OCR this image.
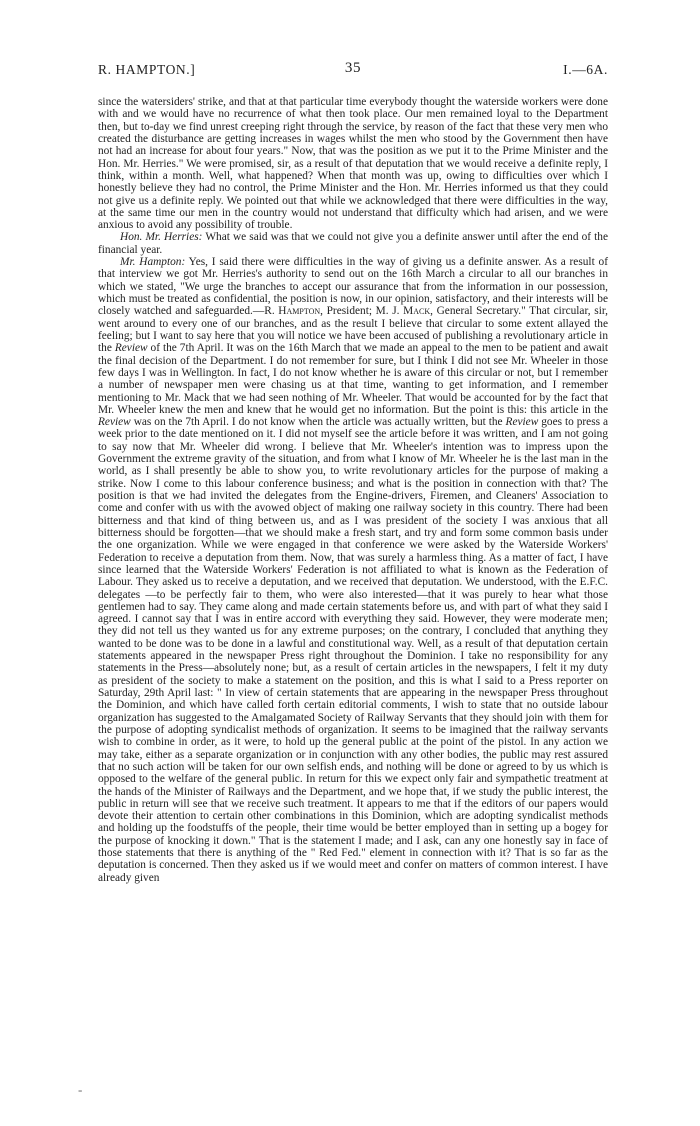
R. HAMPTON.]	35	I.—6A.

since the watersiders' strike, and that at that particular time everybody thought the waterside workers were done with and we would have no recurrence of what then took place. Our men remained loyal to the Department then, but to-day we find unrest creeping right through the service, by reason of the fact that these very men who created the disturbance are getting increases in wages whilst the men who stood by the Government then have not had an increase for about four years." Now, that was the position as we put it to the Prime Minister and the Hon. Mr. Herries." We were promised, sir, as a result of that deputation that we would receive a definite reply, I think, within a month. Well, what happened? When that month was up, owing to difficulties over which I honestly believe they had no control, the Prime Minister and the Hon. Mr. Herries informed us that they could not give us a definite reply. We pointed out that while we acknowledged that there were difficulties in the way, at the same time our men in the country would not understand that difficulty which had arisen, and we were anxious to avoid any possibility of trouble.

Hon. Mr. Herries: What we said was that we could not give you a definite answer until after the end of the financial year.

Mr. Hampton: Yes, I said there were difficulties in the way of giving us a definite answer. As a result of that interview we got Mr. Herries's authority to send out on the 16th March a circular to all our branches in which we stated, "We urge the branches to accept our assurance that from the information in our possession, which must be treated as confidential, the position is now, in our opinion, satisfactory, and their interests will be closely watched and safeguarded.—R. Hampton, President; M. J. Mack, General Secretary." That circular, sir, went around to every one of our branches, and as the result I believe that circular to some extent allayed the feeling; but I want to say here that you will notice we have been accused of publishing a revolutionary article in the Review of the 7th April. It was on the 16th March that we made an appeal to the men to be patient and await the final decision of the Department. I do not remember for sure, but I think I did not see Mr. Wheeler in those few days I was in Wellington. In fact, I do not know whether he is aware of this circular or not, but I remember a number of newspaper men were chasing us at that time, wanting to get information, and I remember mentioning to Mr. Mack that we had seen nothing of Mr. Wheeler. That would be accounted for by the fact that Mr. Wheeler knew the men and knew that he would get no information. But the point is this: this article in the Review was on the 7th April. I do not know when the article was actually written, but the Review goes to press a week prior to the date mentioned on it. I did not myself see the article before it was written, and I am not going to say now that Mr. Wheeler did wrong. I believe that Mr. Wheeler's intention was to impress upon the Government the extreme gravity of the situation, and from what I know of Mr. Wheeler he is the last man in the world, as I shall presently be able to show you, to write revolutionary articles for the purpose of making a strike. Now I come to this labour conference business; and what is the position in connection with that? The position is that we had invited the delegates from the Engine-drivers, Firemen, and Cleaners' Association to come and confer with us with the avowed object of making one railway society in this country. There had been bitterness and that kind of thing between us, and as I was president of the society I was anxious that all bitterness should be forgotten—that we should make a fresh start, and try and form some common basis under the one organization. While we were engaged in that conference we were asked by the Waterside Workers' Federation to receive a deputation from them. Now, that was surely a harmless thing. As a matter of fact, I have since learned that the Waterside Workers' Federation is not affiliated to what is known as the Federation of Labour. They asked us to receive a deputation, and we received that deputation. We understood, with the E.F.C. delegates —to be perfectly fair to them, who were also interested—that it was purely to hear what those gentlemen had to say. They came along and made certain statements before us, and with part of what they said I agreed. I cannot say that I was in entire accord with everything they said. However, they were moderate men; they did not tell us they wanted us for any extreme purposes; on the contrary, I concluded that anything they wanted to be done was to be done in a lawful and constitutional way. Well, as a result of that deputation certain statements appeared in the newspaper Press right throughout the Dominion. I take no responsibility for any statements in the Press—absolutely none; but, as a result of certain articles in the newspapers, I felt it my duty as president of the society to make a statement on the position, and this is what I said to a Press reporter on Saturday, 29th April last: " In view of certain statements that are appearing in the newspaper Press throughout the Dominion, and which have called forth certain editorial comments, I wish to state that no outside labour organization has suggested to the Amalgamated Society of Railway Servants that they should join with them for the purpose of adopting syndicalist methods of organization. It seems to be imagined that the railway servants wish to combine in order, as it were, to hold up the general public at the point of the pistol. In any action we may take, either as a separate organization or in conjunction with any other bodies, the public may rest assured that no such action will be taken for our own selfish ends, and nothing will be done or agreed to by us which is opposed to the welfare of the general public. In return for this we expect only fair and sympathetic treatment at the hands of the Minister of Railways and the Department, and we hope that, if we study the public interest, the public in return will see that we receive such treatment. It appears to me that if the editors of our papers would devote their attention to certain other combinations in this Dominion, which are adopting syndicalist methods and holding up the foodstuffs of the people, their time would be better employed than in setting up a bogey for the purpose of knocking it down." That is the statement I made; and I ask, can any one honestly say in face of those statements that there is anything of the " Red Fed." element in connection with it? That is so far as the deputation is concerned. Then they asked us if we would meet and confer on matters of common interest. I have already given

-
